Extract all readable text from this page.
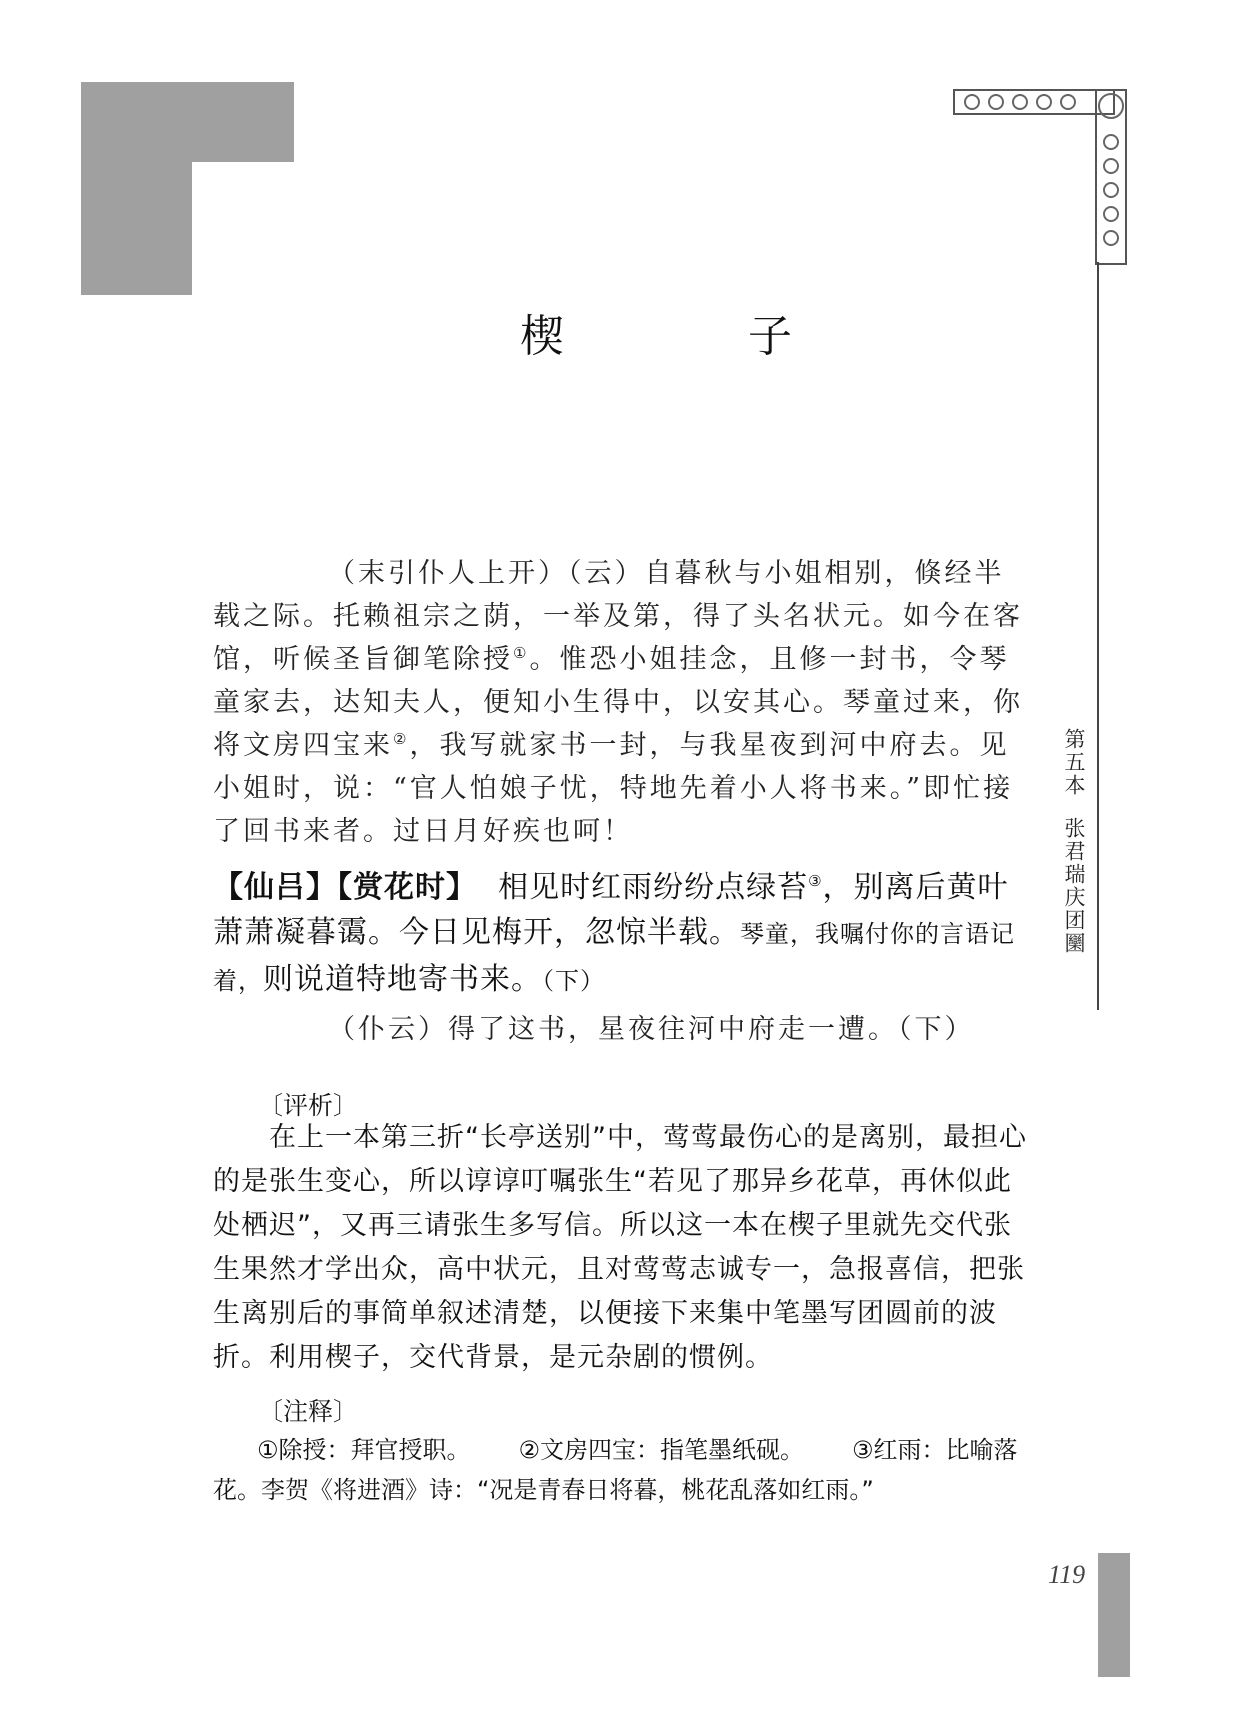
第五本张君瑞庆团圞
楔　子

（末引仆人上开）（云）自暮秋与小姐相别，倏经半载之际。托赖祖宗之荫，一举及第，得了头名状元。如今在客馆，听候圣旨御笔除授①。惟恐小姐挂念，且修一封书，令琴童家去，达知夫人，便知小生得中，以安其心。琴童过来，你将文房四宝来②，我写就家书一封，与我星夜到河中府去。见小姐时，说：“官人怕娘子忧，特地先着小人将书来。”即忙接了回书来者。过日月好疾也呵！

【仙吕】【赏花时】 相见时红雨纷纷点绿苔③，别离后黄叶萧萧凝暮霭。今日见梅开，忽惊半载。琴童，我嘱付你的言语记着，则说道特地寄书来。（下）

（仆云）得了这书，星夜往河中府走一遭。（下）

〔评析〕

在上一本第三折“长亭送别”中，莺莺最伤心的是离别，最担心的是张生变心，所以谆谆叮嘱张生“若见了那异乡花草，再休似此处栖迟”，又再三请张生多写信。所以这一本在楔子里就先交代张生果然才学出众，高中状元，且对莺莺志诚专一，急报喜信，把张生离别后的事简单叙述清楚，以便接下来集中笔墨写团圆前的波折。利用楔子，交代背景，是元杂剧的惯例。

〔注释〕

①除授：拜官授职。   ②文房四宝：指笔墨纸砚。   ③红雨：比喻落花。李贺《将进酒》诗：“况是青春日将暮，桃花乱落如红雨。”

119
